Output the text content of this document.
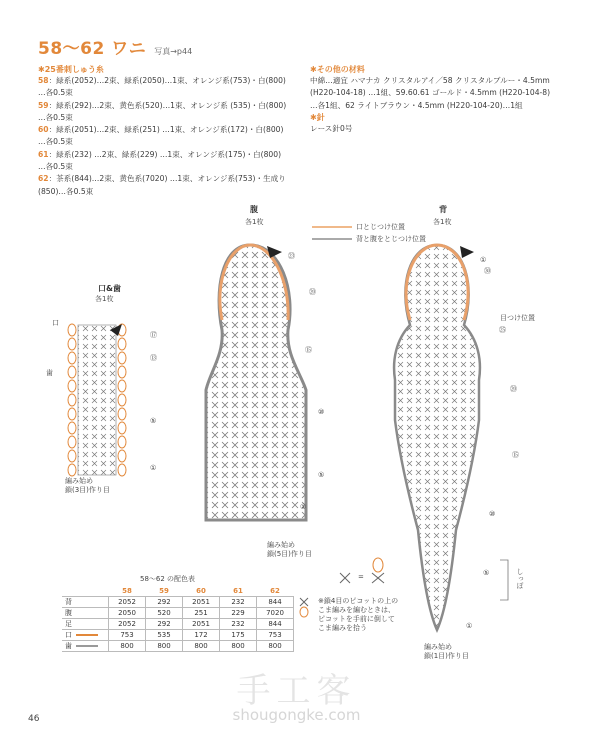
58〜62 ワニ 写真→p44
✱25番刺しゅう糸
58：緑系(2052)…2束、緑系(2050)…1束、オレンジ系(753)・白(800)
…各0.5束
59：緑系(292)…2束、黄色系(520)…1束、オレンジ系 (535)・白(800)
…各0.5束
60：緑系(2051)…2束、緑系(251) …1束、オレンジ系(172)・白(800)
…各0.5束
61：緑系(232) …2束、緑系(229) …1束、オレンジ系(175)・白(800)
…各0.5束
62：茶系(844)…2束、黄色系(7020) …1束、オレンジ系(753)・生成り
(850)…各0.5束
✱その他の材料
中綿…適宜 ハマナカ クリスタルアイ／58 クリスタルブルー・4.5mm
(H220-104-18) …1組、59.60.61 ゴールド・4.5mm (H220-104-8)
…各1組、62 ライトブラウン・4.5mm (H220-104-20)…1組
✱針
レース針0号
口&歯
各1枚
腹
各1枚
背
各1枚
口とじつけ位置
背と腹をとじつけ位置
⑰
⑬
⑤
①
口
歯
編み始め
鎖(3目)作り目
㉓
⑳
⑮
⑩
⑤
①
編み始め
鎖(5目)作り目
①
㉚
㉕
⑳
⑮
⑩
⑤
①
目つけ位置
しっぽ
編み始め
鎖(1目)作り目
=
※鎖4目のピコットの上の
こま編みを編むときは、
ピコットを手前に倒して
こま編みを拾う
58〜62 の配色表
	58	59	60	61	62
背	2052	292	2051	232	844
腹	2050	520	251	229	7020
足	2052	292	2051	232	844
口	753	535	172	175	753
歯	800	800	800	800	800
手工客
shougongke.com
46
